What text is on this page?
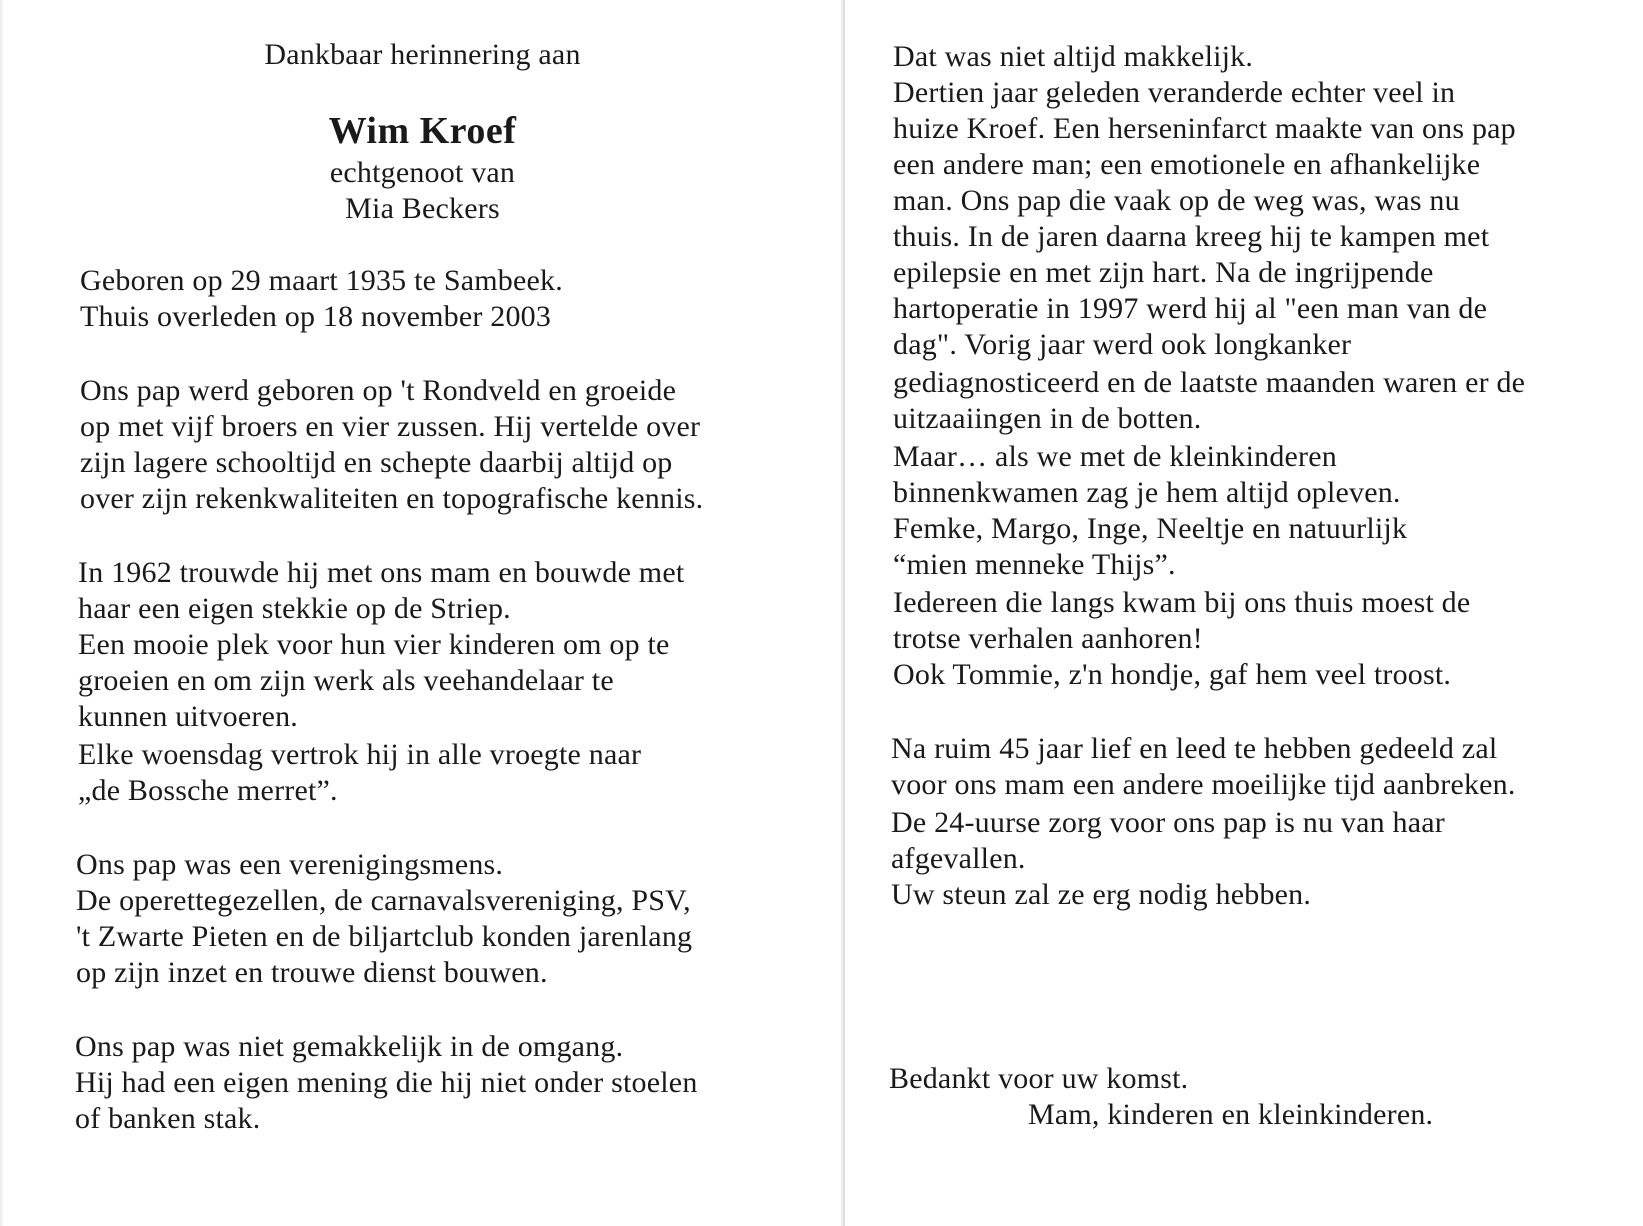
Dankbaar herinnering aan

Wim Kroef

echtgenoot van

Mia Beckers

Geboren op 29 maart 1935 te Sambeek.

Thuis overleden op 18 november 2003

Ons pap werd geboren op 't Rondveld en groeide

op met vijf broers en vier zussen. Hij vertelde over

zijn lagere schooltijd en schepte daarbij altijd op

over zijn rekenkwaliteiten en topografische kennis.

In 1962 trouwde hij met ons mam en bouwde met

haar een eigen stekkie op de Striep.

Een mooie plek voor hun vier kinderen om op te

groeien en om zijn werk als veehandelaar te

kunnen uitvoeren.

Elke woensdag vertrok hij in alle vroegte naar

„de Bossche merret”.

Ons pap was een verenigingsmens.

De operettegezellen, de carnavalsvereniging, PSV,

't Zwarte Pieten en de biljartclub konden jarenlang

op zijn inzet en trouwe dienst bouwen.

Ons pap was niet gemakkelijk in de omgang.

Hij had een eigen mening die hij niet onder stoelen

of banken stak.

Dat was niet altijd makkelijk.

Dertien jaar geleden veranderde echter veel in

huize Kroef. Een herseninfarct maakte van ons pap

een andere man; een emotionele en afhankelijke

man. Ons pap die vaak op de weg was, was nu

thuis. In de jaren daarna kreeg hij te kampen met

epilepsie en met zijn hart. Na de ingrijpende

hartoperatie in 1997 werd hij al "een man van de

dag". Vorig jaar werd ook longkanker

gediagnosticeerd en de laatste maanden waren er de

uitzaaiingen in de botten.

Maar… als we met de kleinkinderen

binnenkwamen zag je hem altijd opleven.

Femke, Margo, Inge, Neeltje en natuurlijk

“mien menneke Thijs”.

Iedereen die langs kwam bij ons thuis moest de

trotse verhalen aanhoren!

Ook Tommie, z'n hondje, gaf hem veel troost.

Na ruim 45 jaar lief en leed te hebben gedeeld zal

voor ons mam een andere moeilijke tijd aanbreken.

De 24-uurse zorg voor ons pap is nu van haar

afgevallen.

Uw steun zal ze erg nodig hebben.

Bedankt voor uw komst.

Mam, kinderen en kleinkinderen.
